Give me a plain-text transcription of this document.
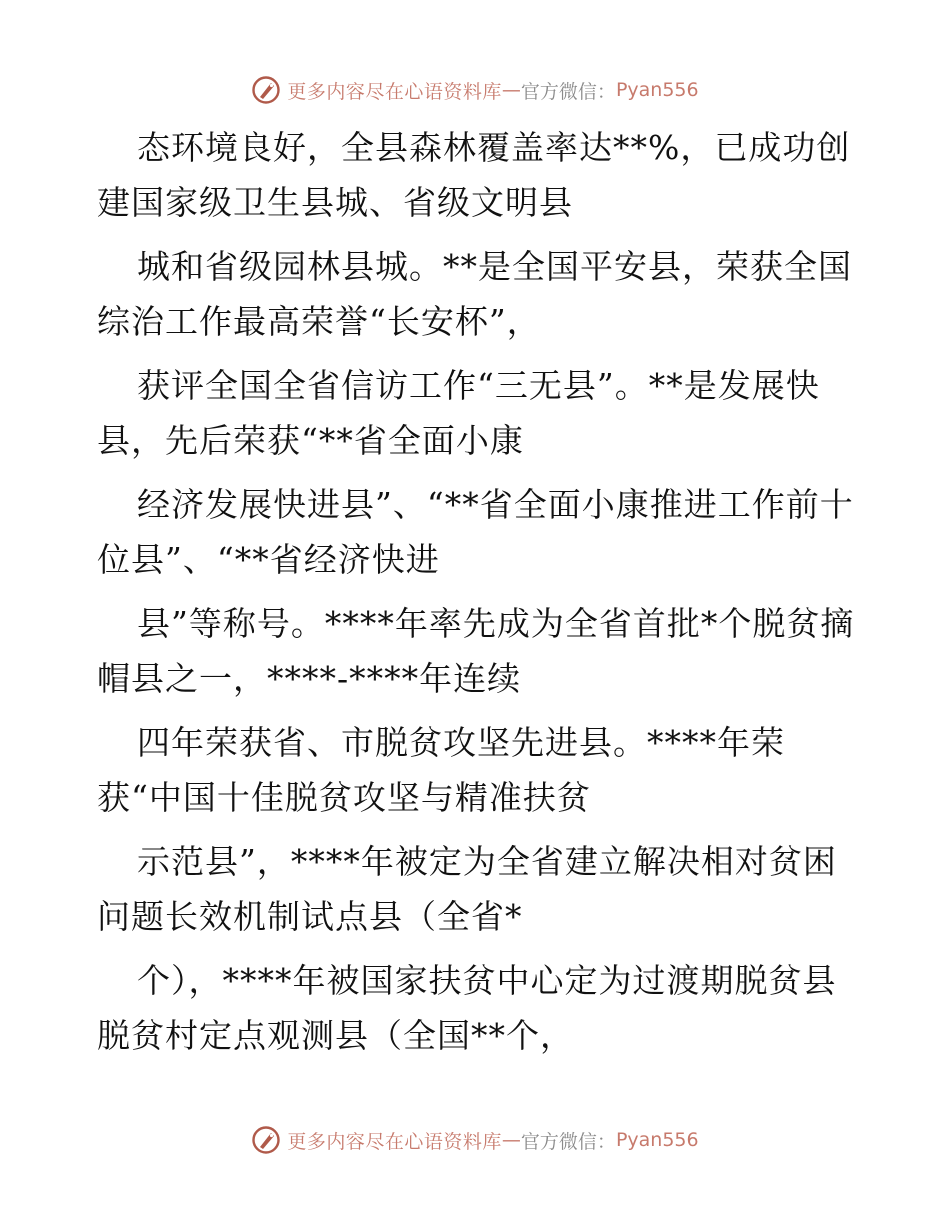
更多内容尽在心语资料库 — 官方微信： Pyan556

态环境良好，全县森林覆盖率达**%，已成功创建国家级卫生县城、省级文明县

城和省级园林县城。**是全国平安县，荣获全国综治工作最高荣誉“长安杯”，

获评全国全省信访工作“三无县”。**是发展快县，先后荣获“**省全面小康

经济发展快进县”、“**省全面小康推进工作前十位县”、“**省经济快进

县”等称号。****年率先成为全省首批*个脱贫摘帽县之一，****-****年连续

四年荣获省、市脱贫攻坚先进县。****年荣获“中国十佳脱贫攻坚与精准扶贫

示范县”，****年被定为全省建立解决相对贫困问题长效机制试点县（全省*

个），****年被国家扶贫中心定为过渡期脱贫县脱贫村定点观测县（全国**个，

更多内容尽在心语资料库 — 官方微信： Pyan556
